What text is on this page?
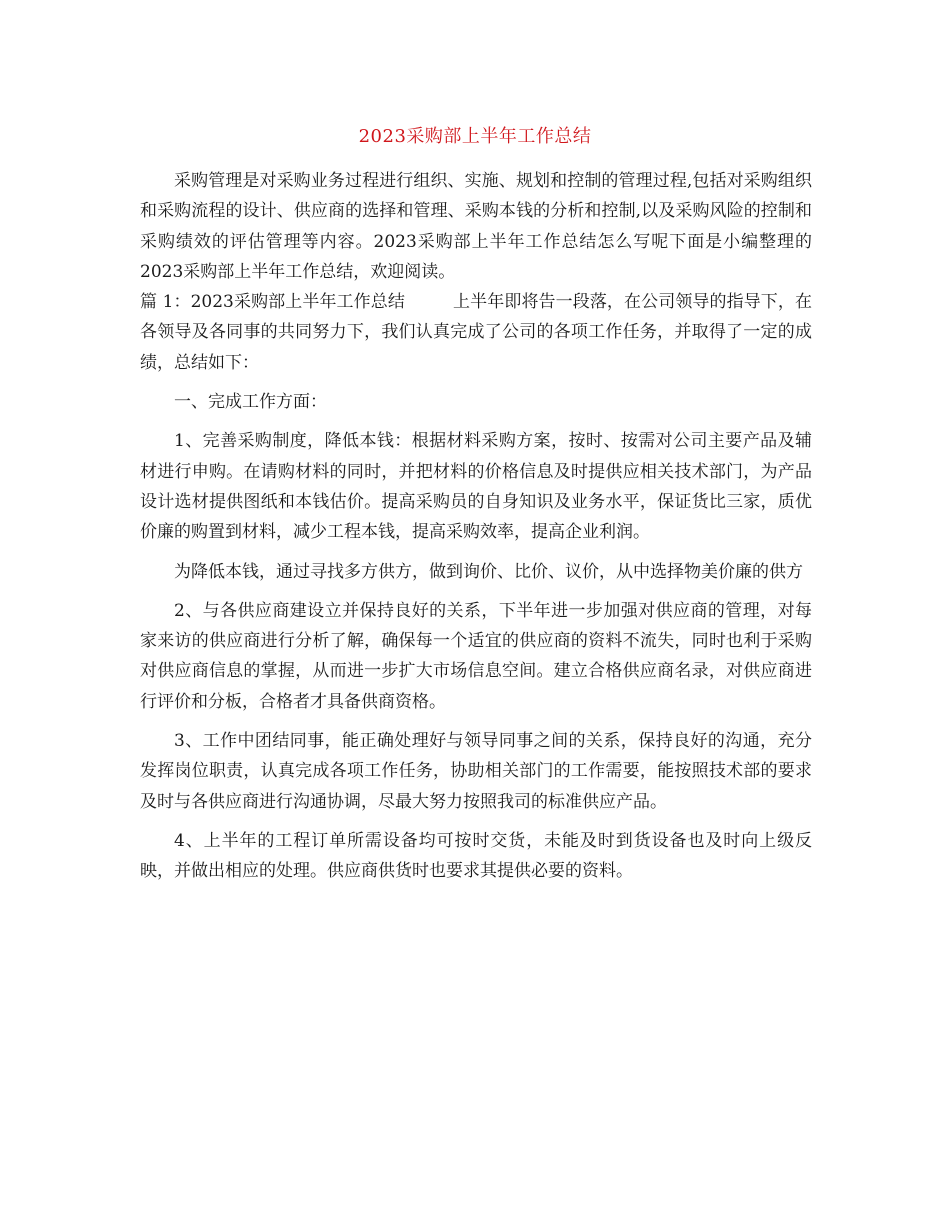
2023采购部上半年工作总结

采购管理是对采购业务过程进行组织、实施、规划和控制的管理过程,包括对采购组织和采购流程的设计、供应商的选择和管理、采购本钱的分析和控制,以及采购风险的控制和采购绩效的评估管理等内容。2023采购部上半年工作总结怎么写呢下面是小编整理的2023采购部上半年工作总结，欢迎阅读。

篇 1：2023采购部上半年工作总结	上半年即将告一段落，在公司领导的指导下，在各领导及各同事的共同努力下，我们认真完成了公司的各项工作任务，并取得了一定的成绩，总结如下：

一、完成工作方面：

1、完善采购制度，降低本钱：根据材料采购方案，按时、按需对公司主要产品及辅材进行申购。在请购材料的同时，并把材料的价格信息及时提供应相关技术部门，为产品设计选材提供图纸和本钱估价。提高采购员的自身知识及业务水平，保证货比三家，质优价廉的购置到材料，减少工程本钱，提高采购效率，提高企业利润。

为降低本钱，通过寻找多方供方，做到询价、比价、议价，从中选择物美价廉的供方

2、与各供应商建设立并保持良好的关系，下半年进一步加强对供应商的管理，对每家来访的供应商进行分析了解，确保每一个适宜的供应商的资料不流失，同时也利于采购对供应商信息的掌握，从而进一步扩大市场信息空间。建立合格供应商名录，对供应商进行评价和分板，合格者才具备供商资格。

3、工作中团结同事，能正确处理好与领导同事之间的关系，保持良好的沟通，充分发挥岗位职责，认真完成各项工作任务，协助相关部门的工作需要，能按照技术部的要求及时与各供应商进行沟通协调，尽最大努力按照我司的标准供应产品。

4、上半年的工程订单所需设备均可按时交货，未能及时到货设备也及时向上级反映，并做出相应的处理。供应商供货时也要求其提供必要的资料。
